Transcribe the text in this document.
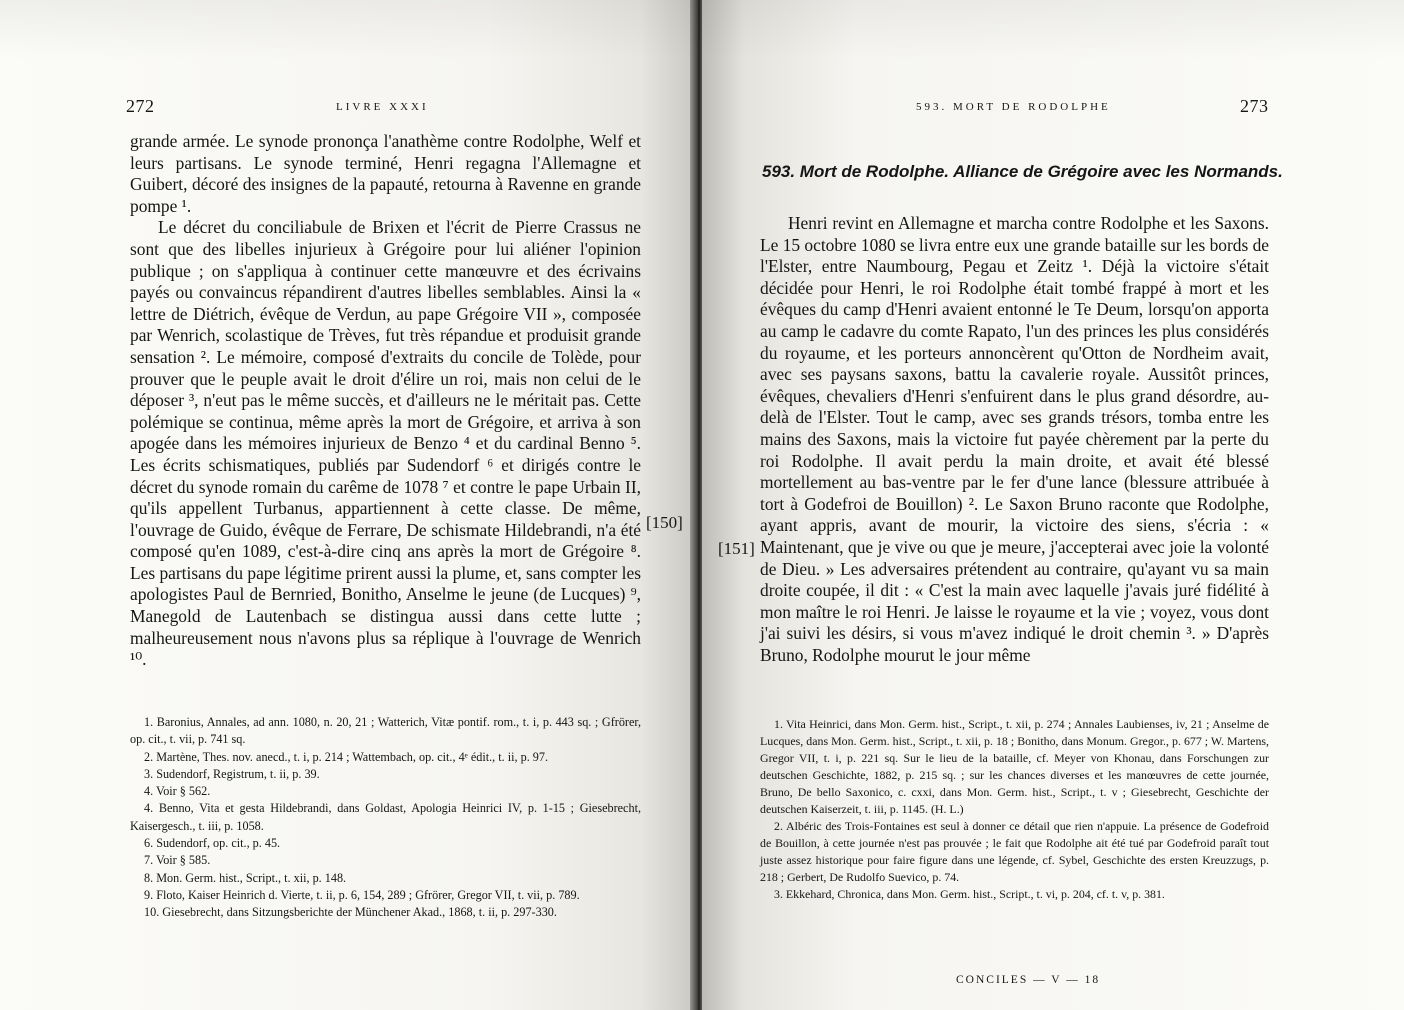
272	LIVRE XXXI

grande armée. Le synode prononça l'anathème contre Rodolphe, Welf et leurs partisans. Le synode terminé, Henri regagna l'Allemagne et Guibert, décoré des insignes de la papauté, retourna à Ravenne en grande pompe ¹.

Le décret du conciliabule de Brixen et l'écrit de Pierre Crassus ne sont que des libelles injurieux à Grégoire pour lui aliéner l'opinion publique ; on s'appliqua à continuer cette manœuvre et des écrivains payés ou convaincus répandirent d'autres libelles semblables. Ainsi la « lettre de Diétrich, évêque de Verdun, au pape Grégoire VII », composée par Wenrich, scolastique de Trèves, fut très répandue et produisit grande sensation ². Le mémoire, composé d'extraits du concile de Tolède, pour prouver que le peuple avait le droit d'élire un roi, mais non celui de le déposer ³, n'eut pas le même succès, et d'ailleurs ne le méritait pas. Cette polémique se continua, même après la mort de Grégoire, et arriva à son apogée dans les mémoires injurieux de Benzo ⁴ et du cardinal Benno ⁵. Les écrits schismatiques, publiés par Sudendorf ⁶ et dirigés contre le décret du synode romain du carême de 1078 ⁷ et contre le pape Urbain II, qu'ils appellent Turbanus, appartiennent à cette classe. De même, l'ouvrage de Guido, évêque de Ferrare, De schismate Hildebrandi, n'a été composé qu'en 1089, c'est-à-dire cinq ans après la mort de Grégoire ⁸. Les partisans du pape légitime prirent aussi la plume, et, sans compter les apologistes Paul de Bernried, Bonitho, Anselme le jeune (de Lucques) ⁹, Manegold de Lautenbach se distingua aussi dans cette lutte ; malheureusement nous n'avons plus sa réplique à l'ouvrage de Wenrich ¹⁰.

[150]
1. Baronius, Annales, ad ann. 1080, n. 20, 21 ; Watterich, Vitæ pontif. rom., t. i, p. 443 sq. ; Gfrörer, op. cit., t. vii, p. 741 sq.
2. Martène, Thes. nov. anecd., t. i, p. 214 ; Wattembach, op. cit., 4ᵉ édit., t. ii, p. 97.
3. Sudendorf, Registrum, t. ii, p. 39.
4. Voir § 562.
4. Benno, Vita et gesta Hildebrandi, dans Goldast, Apologia Heinrici IV, p. 1-15 ; Giesebrecht, Kaisergesch., t. iii, p. 1058.
6. Sudendorf, op. cit., p. 45.
7. Voir § 585.
8. Mon. Germ. hist., Script., t. xii, p. 148.
9. Floto, Kaiser Heinrich d. Vierte, t. ii, p. 6, 154, 289 ; Gfrörer, Gregor VII, t. vii, p. 789.
10. Giesebrecht, dans Sitzungsberichte der Münchener Akad., 1868, t. ii, p. 297-330.
593. MORT DE RODOLPHE	273
593. Mort de Rodolphe. Alliance de Grégoire avec les Normands.
[151]

Henri revint en Allemagne et marcha contre Rodolphe et les Saxons. Le 15 octobre 1080 se livra entre eux une grande bataille sur les bords de l'Elster, entre Naumbourg, Pegau et Zeitz ¹. Déjà la victoire s'était décidée pour Henri, le roi Rodolphe était tombé frappé à mort et les évêques du camp d'Henri avaient entonné le Te Deum, lorsqu'on apporta au camp le cadavre du comte Rapato, l'un des princes les plus considérés du royaume, et les porteurs annoncèrent qu'Otton de Nordheim avait, avec ses paysans saxons, battu la cavalerie royale. Aussitôt princes, évêques, chevaliers d'Henri s'enfuirent dans le plus grand désordre, au-delà de l'Elster. Tout le camp, avec ses grands trésors, tomba entre les mains des Saxons, mais la victoire fut payée chèrement par la perte du roi Rodolphe. Il avait perdu la main droite, et avait été blessé mortellement au bas-ventre par le fer d'une lance (blessure attribuée à tort à Godefroi de Bouillon) ². Le Saxon Bruno raconte que Rodolphe, ayant appris, avant de mourir, la victoire des siens, s'écria : « Maintenant, que je vive ou que je meure, j'accepterai avec joie la volonté de Dieu. » Les adversaires prétendent au contraire, qu'ayant vu sa main droite coupée, il dit : « C'est la main avec laquelle j'avais juré fidélité à mon maître le roi Henri. Je laisse le royaume et la vie ; voyez, vous dont j'ai suivi les désirs, si vous m'avez indiqué le droit chemin ³. » D'après Bruno, Rodolphe mourut le jour même

1. Vita Heinrici, dans Mon. Germ. hist., Script., t. xii, p. 274 ; Annales Laubienses, iv, 21 ; Anselme de Lucques, dans Mon. Germ. hist., Script., t. xii, p. 18 ; Bonitho, dans Monum. Gregor., p. 677 ; W. Martens, Gregor VII, t. i, p. 221 sq. Sur le lieu de la bataille, cf. Meyer von Khonau, dans Forschungen zur deutschen Geschichte, 1882, p. 215 sq. ; sur les chances diverses et les manœuvres de cette journée, Bruno, De bello Saxonico, c. cxxi, dans Mon. Germ. hist., Script., t. v ; Giesebrecht, Geschichte der deutschen Kaiserzeit, t. iii, p. 1145. (H. L.)
2. Albéric des Trois-Fontaines est seul à donner ce détail que rien n'appuie. La présence de Godefroid de Bouillon, à cette journée n'est pas prouvée ; le fait que Rodolphe ait été tué par Godefroid paraît tout juste assez historique pour faire figure dans une légende, cf. Sybel, Geschichte des ersten Kreuzzugs, p. 218 ; Gerbert, De Rudolfo Suevico, p. 74.
3. Ekkehard, Chronica, dans Mon. Germ. hist., Script., t. vi, p. 204, cf. t. v, p. 381.
CONCILES — V — 18
